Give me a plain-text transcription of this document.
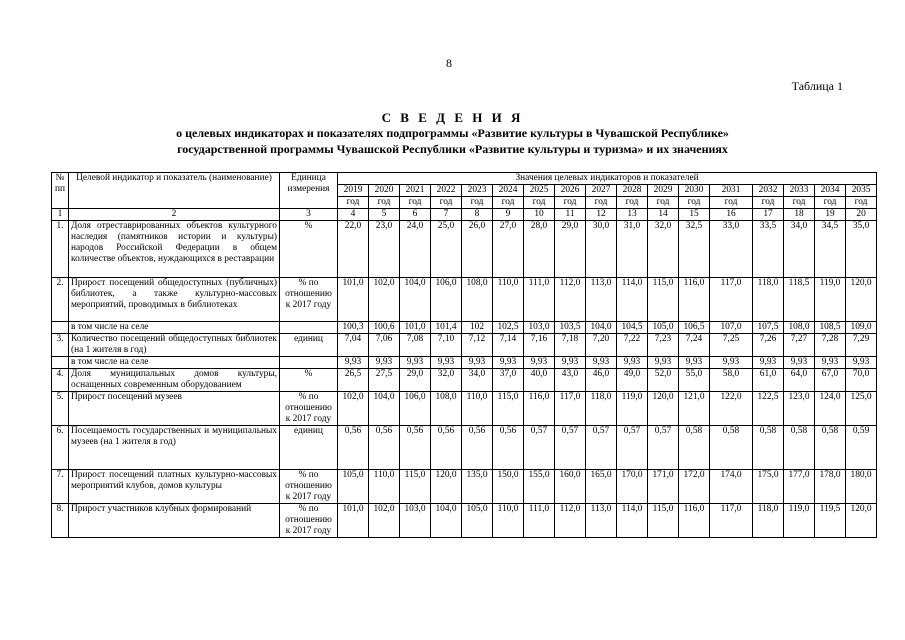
8
Таблица 1
С В Е Д Е Н И Я
о целевых индикаторах и показателях подпрограммы «Развитие культуры в Чувашской Республике»
государственной программы Чувашской Республики «Развитие культуры и туризма» и их значениях
№ пп	Целевой индикатор и показатель (наименование)	Единица измерения	Значения целевых индикаторов и показателей																
			2019	2020	2021	2022	2023	2024	2025	2026	2027	2028	2029	2030	2031	2032	2033	2034	2035
			год	год	год	год	год	год	год	год	год	год	год	год	год	год	год	год	год
1	2	3	4	5	6	7	8	9	10	11	12	13	14	15	16	17	18	19	20
1.	Доля отреставрированных объектов культурного наследия (памятников истории и культуры) народов Российской Федерации в общем количестве объектов, нуждающихся в реставрации	%	22,0	23,0	24,0	25,0	26,0	27,0	28,0	29,0	30,0	31,0	32,0	32,5	33,0	33,5	34,0	34,5	35,0
2.	Прирост посещений общедоступных (публичных) библиотек, а также культурно-массовых мероприятий, проводимых в библиотеках	% по отношению к 2017 году	101,0	102,0	104,0	106,0	108,0	110,0	111,0	112,0	113,0	114,0	115,0	116,0	117,0	118,0	118,5	119,0	120,0
	в том числе на селе		100,3	100,6	101,0	101,4	102	102,5	103,0	103,5	104,0	104,5	105,0	106,5	107,0	107,5	108,0	108,5	109,0
3.	Количество посещений общедоступных библиотек (на 1 жителя в год)	единиц	7,04	7,06	7,08	7,10	7,12	7,14	7,16	7,18	7,20	7,22	7,23	7,24	7,25	7,26	7,27	7,28	7,29
	в том числе на селе		9,93	9,93	9,93	9,93	9,93	9,93	9,93	9,93	9,93	9,93	9,93	9,93	9,93	9,93	9,93	9,93	9,93
4.	Доля муниципальных домов культуры, оснащенных современным оборудованием	%	26,5	27,5	29,0	32,0	34,0	37,0	40,0	43,0	46,0	49,0	52,0	55,0	58,0	61,0	64,0	67,0	70,0
5.	Прирост посещений музеев	% по отношению к 2017 году	102,0	104,0	106,0	108,0	110,0	115,0	116,0	117,0	118,0	119,0	120,0	121,0	122,0	122,5	123,0	124,0	125,0
6.	Посещаемость государственных и муниципальных музеев (на 1 жителя в год)	единиц	0,56	0,56	0,56	0,56	0,56	0,56	0,57	0,57	0,57	0,57	0,57	0,58	0,58	0,58	0,58	0,58	0,59
7.	Прирост посещений платных культурно-массовых мероприятий клубов, домов культуры	% по отношению к 2017 году	105,0	110,0	115,0	120,0	135,0	150,0	155,0	160,0	165,0	170,0	171,0	172,0	174,0	175,0	177,0	178,0	180,0
8.	Прирост участников клубных формирований	% по отношению к 2017 году	101,0	102,0	103,0	104,0	105,0	110,0	111,0	112,0	113,0	114,0	115,0	116,0	117,0	118,0	119,0	119,5	120,0
